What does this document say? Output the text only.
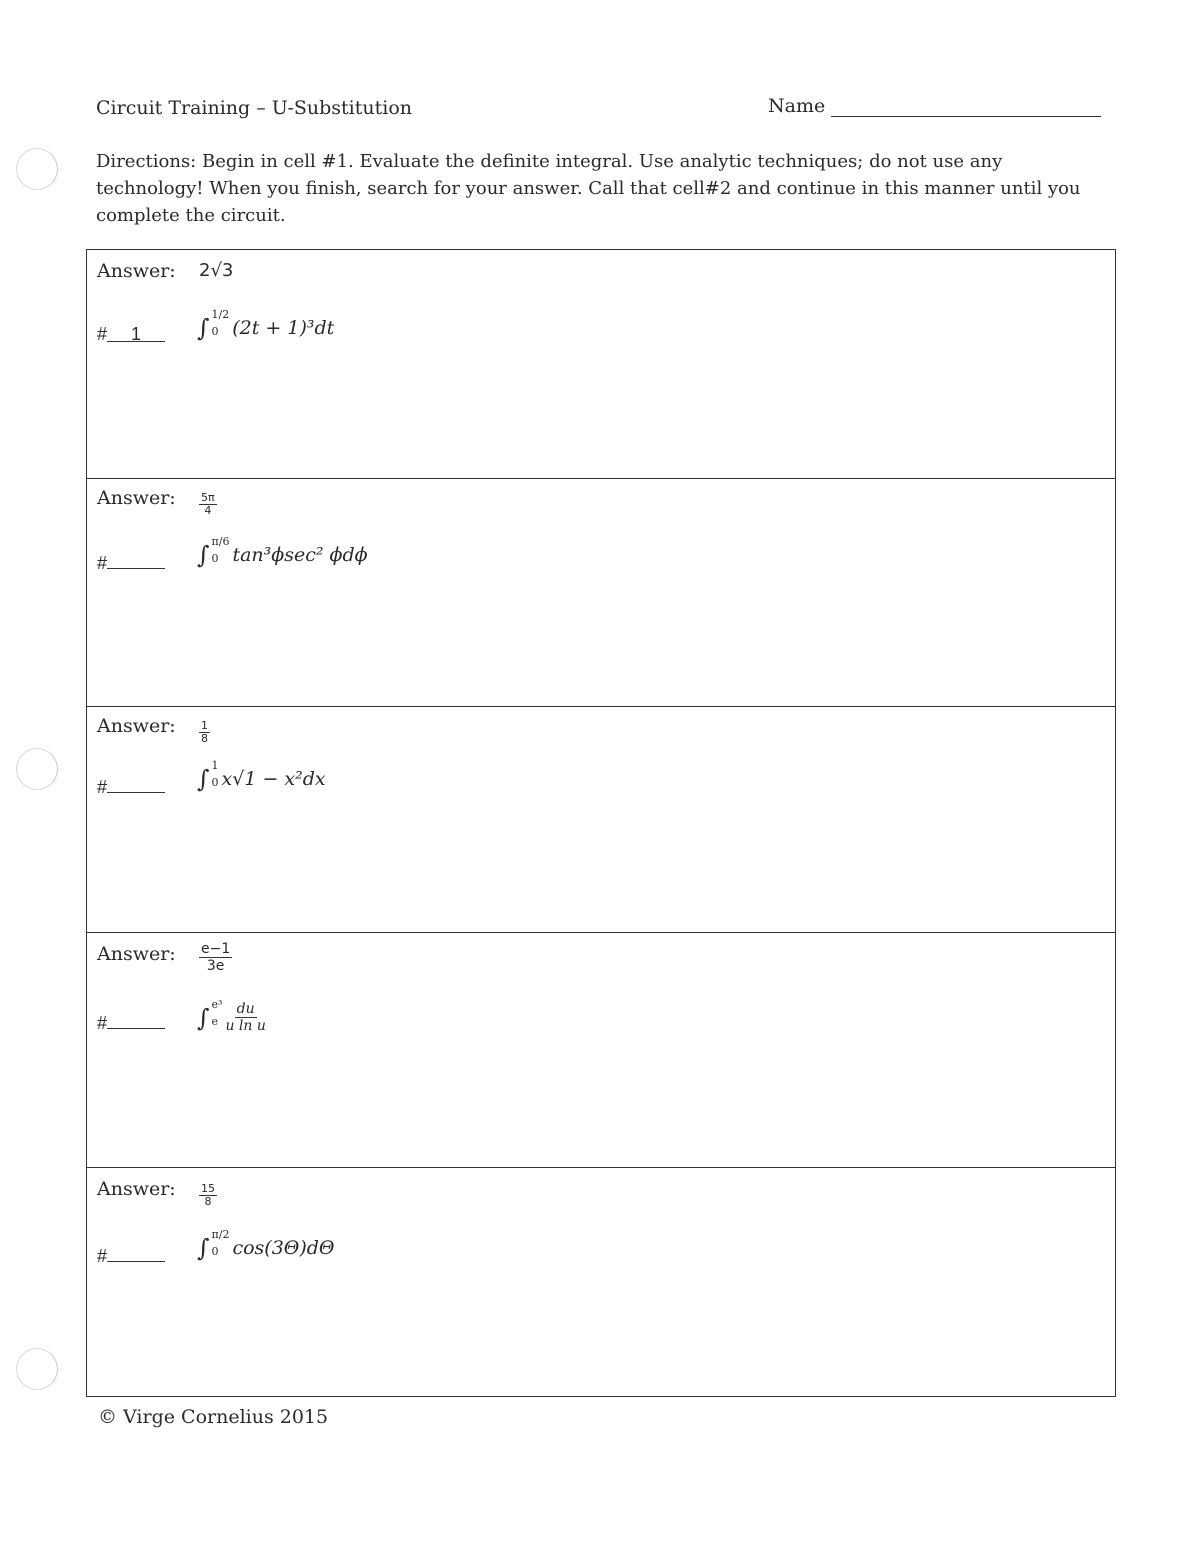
Circuit Training – U-Substitution	Name
Directions: Begin in cell #1. Evaluate the definite integral. Use analytic techniques; do not use any technology! When you finish, search for your answer. Call that cell#2 and continue in this manner until you complete the circuit.
Answer: 2√3
# 1	∫ 1/2
0 (2t + 1)³dt
Answer: $\frac{5\pi}{4}$
#	∫ π/6
0 tan³ϕsec² ϕdϕ
Answer: $\frac{1}{8}$
#	∫ 1
0 x√1 − x²dx
Answer: $\frac{e-1}{3e}$
#	∫ e³
e $\frac{du}{\text{u ln u}}$
Answer: $\frac{15}{8}$
#	∫ π/2
0 cos(3Θ)dΘ
© Virge Cornelius 2015
